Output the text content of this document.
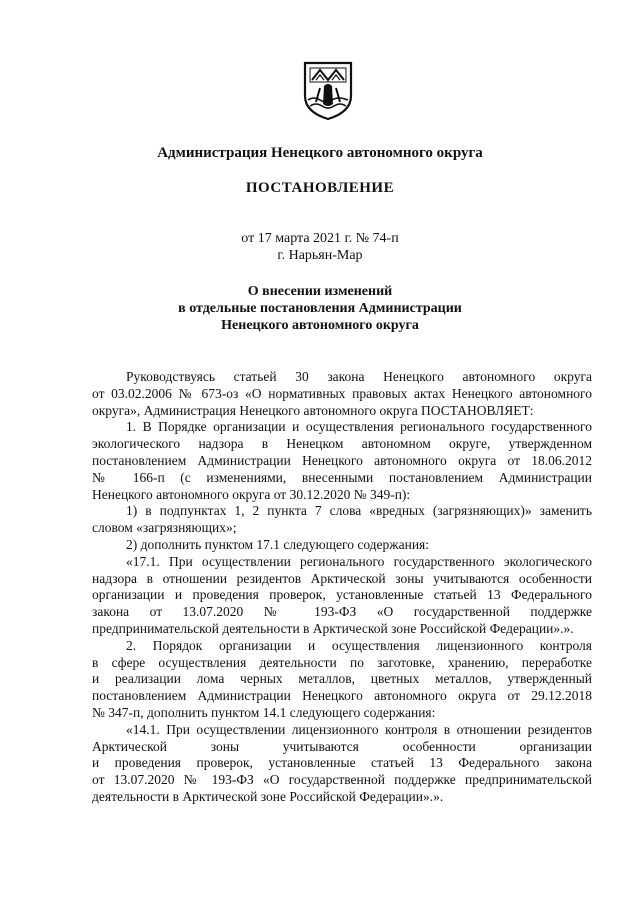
Администрация Ненецкого автономного округа
ПОСТАНОВЛЕНИЕ
от 17 марта 2021 г. № 74-п
г. Нарьян-Мар
О внесении изменений
в отдельные постановления Администрации
Ненецкого автономного округа
Руководствуясь статьей 30 закона Ненецкого автономного округа
от 03.02.2006 № 673-оз «О нормативных правовых актах Ненецкого автономного
округа», Администрация Ненецкого автономного округа ПОСТАНОВЛЯЕТ:
1. В Порядке организации и осуществления регионального государственного
экологического надзора в Ненецком автономном округе, утвержденном
постановлением Администрации Ненецкого автономного округа от 18.06.2012
№ 166-п (с изменениями, внесенными постановлением Администрации
Ненецкого автономного округа от 30.12.2020 № 349-п):
1) в подпунктах 1, 2 пункта 7 слова «вредных (загрязняющих)» заменить
словом «загрязняющих»;
2) дополнить пунктом 17.1 следующего содержания:
«17.1. При осуществлении регионального государственного экологического
надзора в отношении резидентов Арктической зоны учитываются особенности
организации и проведения проверок, установленные статьей 13 Федерального
закона от 13.07.2020 № 193-ФЗ «О государственной поддержке
предпринимательской деятельности в Арктической зоне Российской Федерации».».
2. Порядок организации и осуществления лицензионного контроля
в сфере осуществления деятельности по заготовке, хранению, переработке
и реализации лома черных металлов, цветных металлов, утвержденный
постановлением Администрации Ненецкого автономного округа от 29.12.2018
№ 347-п, дополнить пунктом 14.1 следующего содержания:
«14.1. При осуществлении лицензионного контроля в отношении резидентов
Арктической зоны учитываются особенности организации
и проведения проверок, установленные статьей 13 Федерального закона
от 13.07.2020 № 193-ФЗ «О государственной поддержке предпринимательской
деятельности в Арктической зоне Российской Федерации».».
